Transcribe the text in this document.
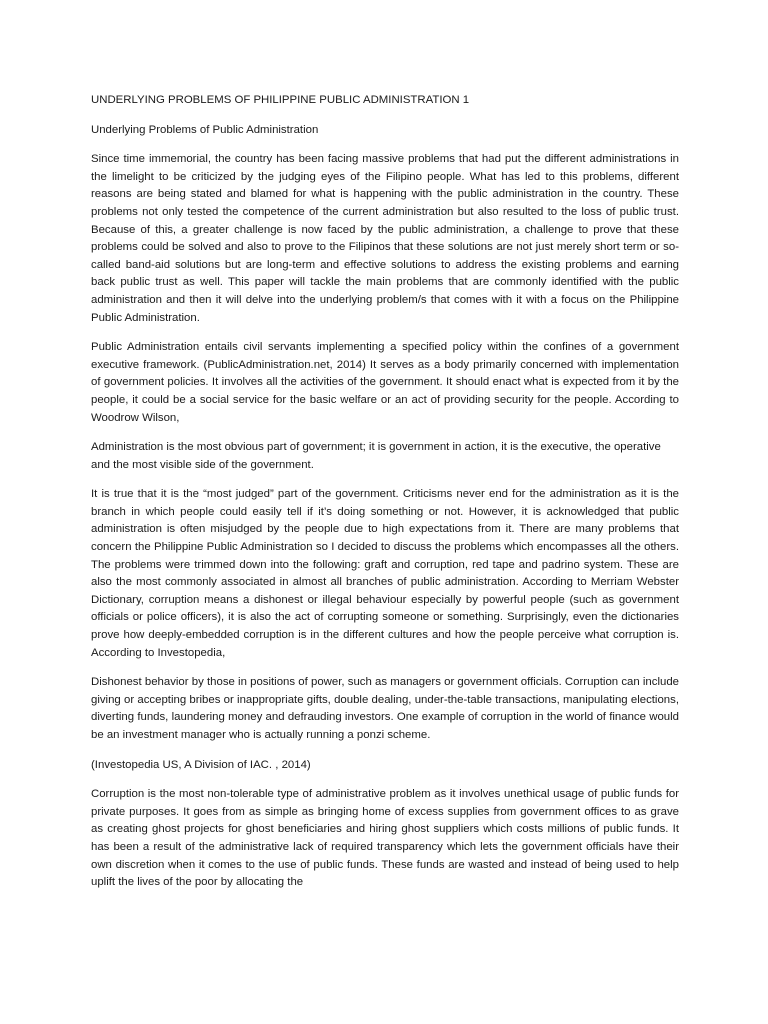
UNDERLYING PROBLEMS OF PHILIPPINE PUBLIC ADMINISTRATION 1
Underlying Problems of Public Administration

Since time immemorial, the country has been facing massive problems that had put the different administrations in the limelight to be criticized by the judging eyes of the Filipino people. What has led to this problems, different reasons are being stated and blamed for what is happening with the public administration in the country. These problems not only tested the competence of the current administration but also resulted to the loss of public trust. Because of this, a greater challenge is now faced by the public administration, a challenge to prove that these problems could be solved and also to prove to the Filipinos that these solutions are not just merely short term or so-called band-aid solutions but are long-term and effective solutions to address the existing problems and earning back public trust as well. This paper will tackle the main problems that are commonly identified with the public administration and then it will delve into the underlying problem/s that comes with it with a focus on the Philippine Public Administration.

Public Administration entails civil servants implementing a specified policy within the confines of a government executive framework. (PublicAdministration.net, 2014) It serves as a body primarily concerned with implementation of government policies. It involves all the activities of the government. It should enact what is expected from it by the people, it could be a social service for the basic welfare or an act of providing security for the people. According to Woodrow Wilson,

Administration is the most obvious part of government; it is government in action, it is the executive, the operative and the most visible side of the government.

It is true that it is the “most judged” part of the government. Criticisms never end for the administration as it is the branch in which people could easily tell if it’s doing something or not. However, it is acknowledged that public administration is often misjudged by the people due to high expectations from it. There are many problems that concern the Philippine Public Administration so I decided to discuss the problems which encompasses all the others. The problems were trimmed down into the following: graft and corruption, red tape and padrino system. These are also the most commonly associated in almost all branches of public administration. According to Merriam Webster Dictionary, corruption means a dishonest or illegal behaviour especially by powerful people (such as government officials or police officers), it is also the act of corrupting someone or something. Surprisingly, even the dictionaries prove how deeply-embedded corruption is in the different cultures and how the people perceive what corruption is. According to Investopedia,

Dishonest behavior by those in positions of power, such as managers or government officials. Corruption can include giving or accepting bribes or inappropriate gifts, double dealing, under-the-table transactions, manipulating elections, diverting funds, laundering money and defrauding investors. One example of corruption in the world of finance would be an investment manager who is actually running a ponzi scheme.

(Investopedia US, A Division of IAC. , 2014)

Corruption is the most non-tolerable type of administrative problem as it involves unethical usage of public funds for private purposes. It goes from as simple as bringing home of excess supplies from government offices to as grave as creating ghost projects for ghost beneficiaries and hiring ghost suppliers which costs millions of public funds. It has been a result of the administrative lack of required transparency which lets the government officials have their own discretion when it comes to the use of public funds. These funds are wasted and instead of being used to help uplift the lives of the poor by allocating the
